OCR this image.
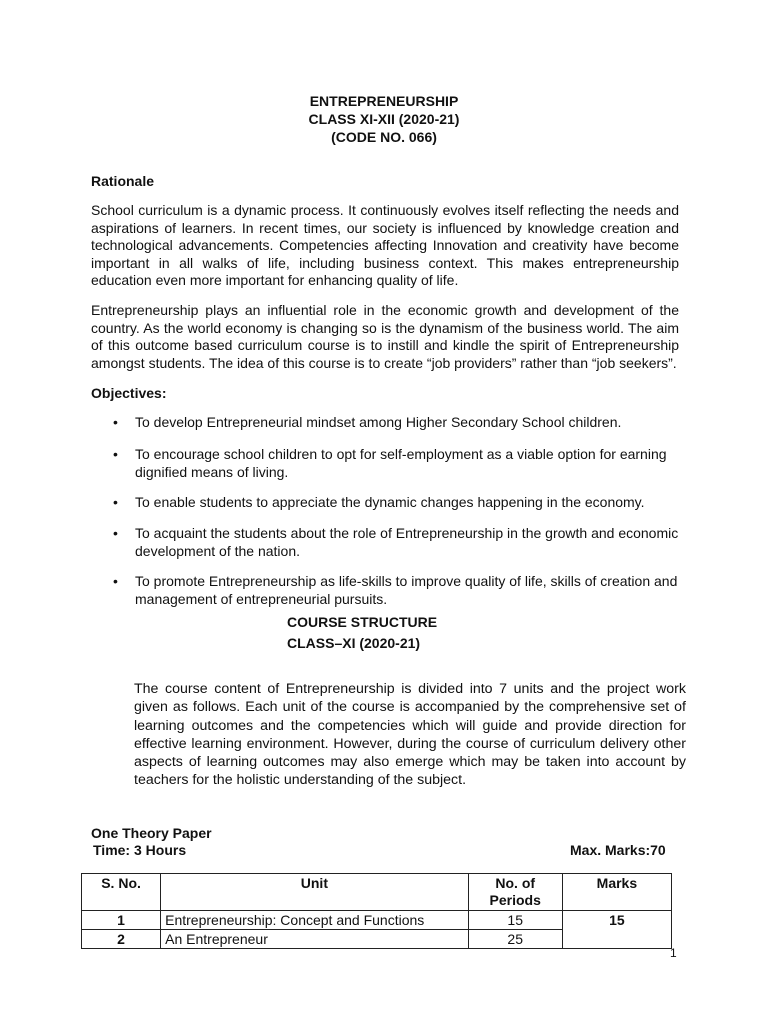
ENTREPRENEURSHIP
CLASS XI-XII (2020-21)
(CODE NO. 066)
Rationale

School curriculum is a dynamic process. It continuously evolves itself reflecting the needs and aspirations of learners. In recent times, our society is influenced by knowledge creation and technological advancements. Competencies affecting Innovation and creativity have become important in all walks of life, including business context. This makes entrepreneurship education even more important for enhancing quality of life.

Entrepreneurship plays an influential role in the economic growth and development of the country. As the world economy is changing so is the dynamism of the business world. The aim of this outcome based curriculum course is to instill and kindle the spirit of Entrepreneurship amongst students. The idea of this course is to create “job providers” rather than “job seekers”.

Objectives:
• To develop Entrepreneurial mindset among Higher Secondary School children.
• To encourage school children to opt for self-employment as a viable option for earning dignified means of living.
• To enable students to appreciate the dynamic changes happening in the economy.
• To acquaint the students about the role of Entrepreneurship in the growth and economic development of the nation.
• To promote Entrepreneurship as life-skills to improve quality of life, skills of creation and management of entrepreneurial pursuits.
COURSE STRUCTURE
CLASS–XI (2020-21)

The course content of Entrepreneurship is divided into 7 units and the project work given as follows. Each unit of the course is accompanied by the comprehensive set of learning outcomes and the competencies which will guide and provide direction for effective learning environment. However, during the course of curriculum delivery other aspects of learning outcomes may also emerge which may be taken into account by teachers for the holistic understanding of the subject.

One Theory Paper
Time: 3 Hours	Max. Marks:70
S. No.	Unit	No. of Periods	Marks
1	Entrepreneurship: Concept and Functions	15	15
2	An Entrepreneur	25	
1
